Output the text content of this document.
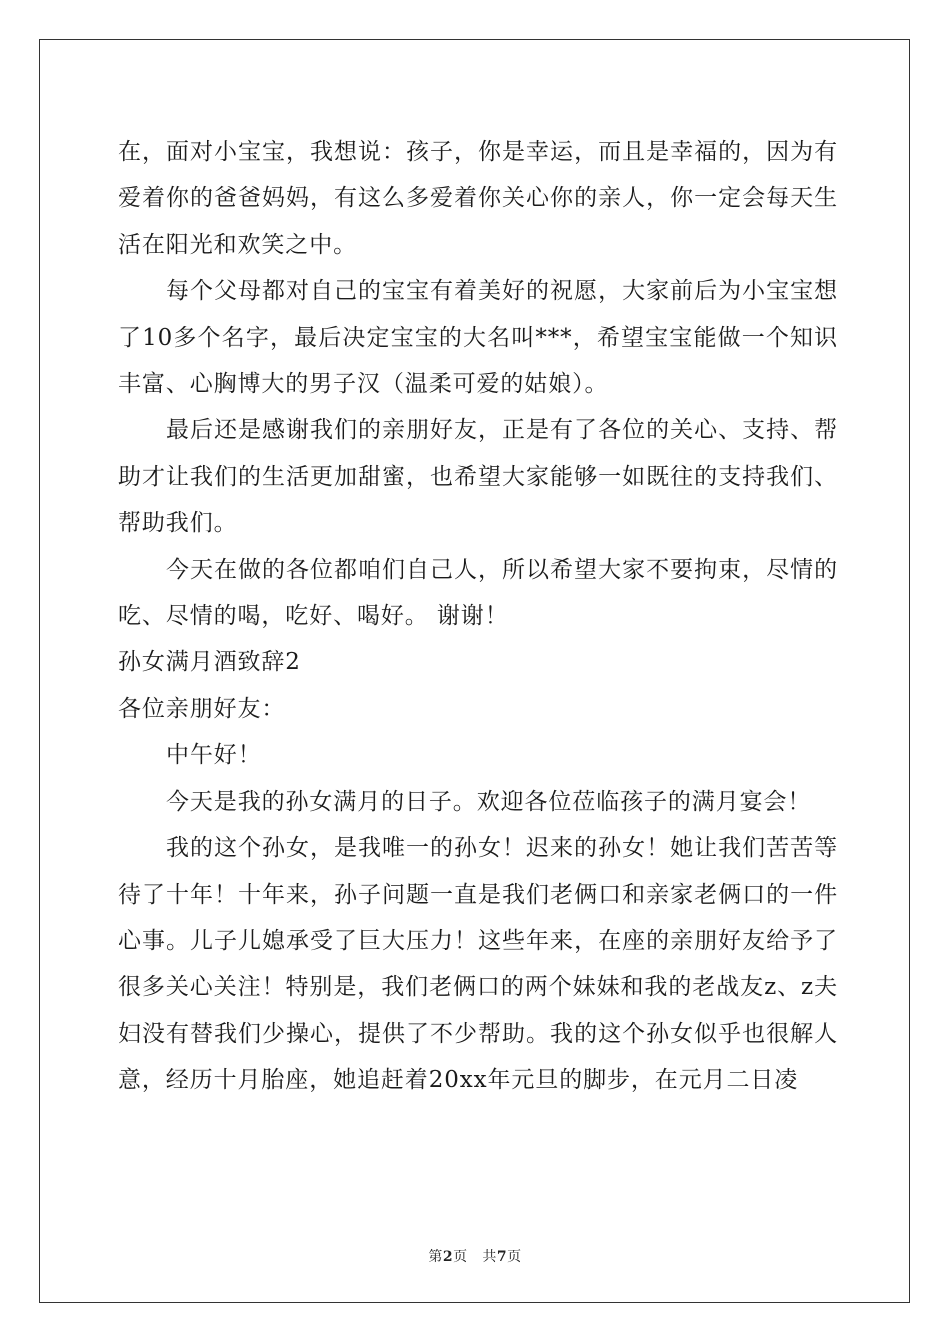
在，面对小宝宝，我想说：孩子，你是幸运，而且是幸福的，因为有爱着你的爸爸妈妈，有这么多爱着你关心你的亲人，你一定会每天生活在阳光和欢笑之中。

每个父母都对自己的宝宝有着美好的祝愿，大家前后为小宝宝想了10多个名字，最后决定宝宝的大名叫***，希望宝宝能做一个知识丰富、心胸博大的男子汉（温柔可爱的姑娘）。

最后还是感谢我们的亲朋好友，正是有了各位的关心、支持、帮助才让我们的生活更加甜蜜，也希望大家能够一如既往的支持我们、帮助我们。

今天在做的各位都咱们自己人，所以希望大家不要拘束，尽情的吃、尽情的喝，吃好、喝好。 谢谢！

孙女满月酒致辞2

各位亲朋好友：

中午好！

今天是我的孙女满月的日子。欢迎各位莅临孩子的满月宴会！

我的这个孙女，是我唯一的孙女！迟来的孙女！她让我们苦苦等待了十年！十年来，孙子问题一直是我们老俩口和亲家老俩口的一件心事。儿子儿媳承受了巨大压力！这些年来，在座的亲朋好友给予了很多关心关注！特别是，我们老俩口的两个妹妹和我的老战友z、z夫妇没有替我们少操心，提供了不少帮助。我的这个孙女似乎也很解人意，经历十月胎座，她追赶着20xx年元旦的脚步，在元月二日凌

第2页 共7页
